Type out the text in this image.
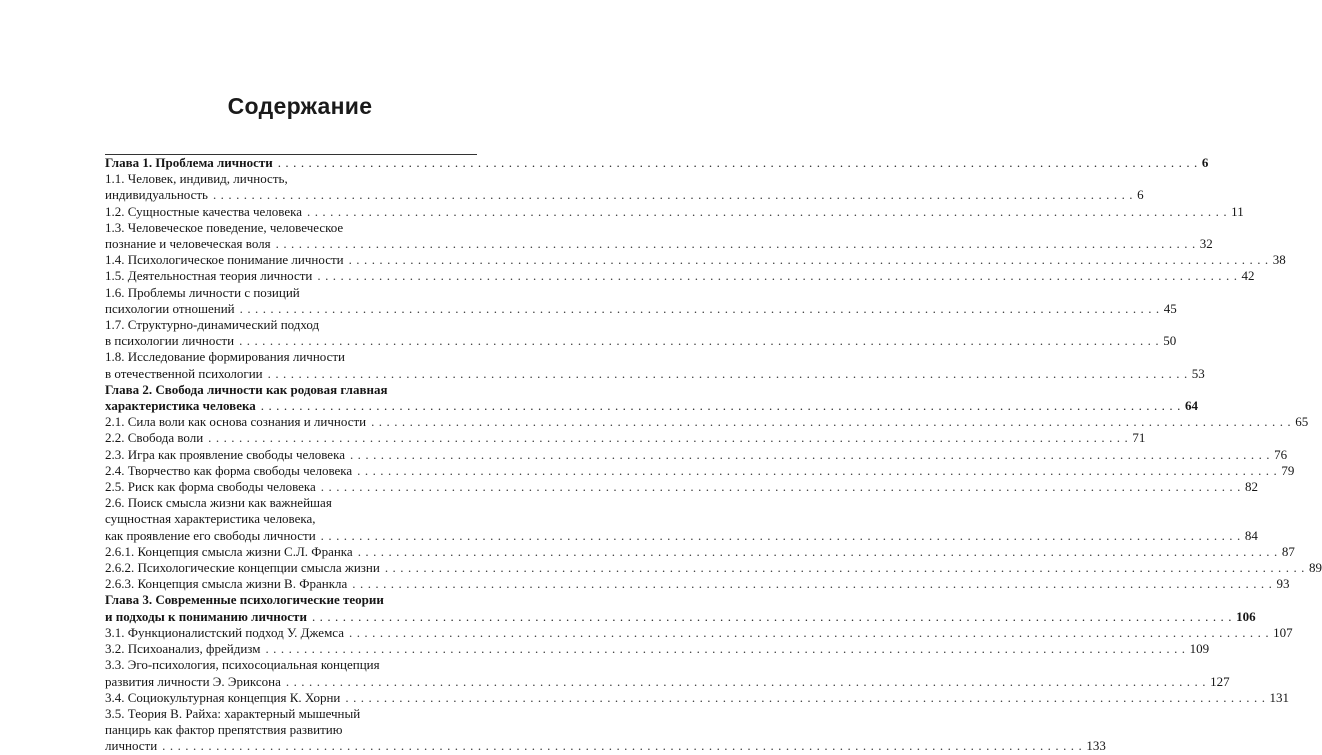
Содержание
Глава 1. Проблема личности . . . . . . . . . . . . . . . . . . . . . . . . . . . . . . . . . . . . . . . . . . . . . . . . . . . . . . . . . . . . . . . . . . . . . . . . . . . . . . . . . . . . . . . . . . . . . . . . . . . . . . . . . . . . . . . . . . . . . . . . 6
1.1. Человек, индивид, личность,
индивидуальность . . . . . . . . . . . . . . . . . . . . . . . . . . . . . . . . . . . . . . . . . . . . . . . . . . . . . . . . . . . . . . . . . . . . . . . . . . . . . . . . . . . . . . . . . . . . . . . . . . . . . . . . . . . . . . . . . . . . . . . . 6
1.2. Сущностные качества человека . . . . . . . . . . . . . . . . . . . . . . . . . . . . . . . . . . . . . . . . . . . . . . . . . . . . . . . . . . . . . . . . . . . . . . . . . . . . . . . . . . . . . . . . . . . . . . . . . . . . . . . . . . . . . . . . . . . . . . . . 11
1.3. Человеческое поведение, человеческое
познание и человеческая воля . . . . . . . . . . . . . . . . . . . . . . . . . . . . . . . . . . . . . . . . . . . . . . . . . . . . . . . . . . . . . . . . . . . . . . . . . . . . . . . . . . . . . . . . . . . . . . . . . . . . . . . . . . . . . . . . . . . . . . . . 32
1.4. Психологическое понимание личности . . . . . . . . . . . . . . . . . . . . . . . . . . . . . . . . . . . . . . . . . . . . . . . . . . . . . . . . . . . . . . . . . . . . . . . . . . . . . . . . . . . . . . . . . . . . . . . . . . . . . . . . . . . . . . . . . . . . . . . . 38
1.5. Деятельностная теория личности . . . . . . . . . . . . . . . . . . . . . . . . . . . . . . . . . . . . . . . . . . . . . . . . . . . . . . . . . . . . . . . . . . . . . . . . . . . . . . . . . . . . . . . . . . . . . . . . . . . . . . . . . . . . . . . . . . . . . . . . 42
1.6. Проблемы личности с позиций
психологии отношений . . . . . . . . . . . . . . . . . . . . . . . . . . . . . . . . . . . . . . . . . . . . . . . . . . . . . . . . . . . . . . . . . . . . . . . . . . . . . . . . . . . . . . . . . . . . . . . . . . . . . . . . . . . . . . . . . . . . . . . . 45
1.7. Структурно-динамический подход
в психологии личности . . . . . . . . . . . . . . . . . . . . . . . . . . . . . . . . . . . . . . . . . . . . . . . . . . . . . . . . . . . . . . . . . . . . . . . . . . . . . . . . . . . . . . . . . . . . . . . . . . . . . . . . . . . . . . . . . . . . . . . . 50
1.8. Исследование формирования личности
в отечественной психологии . . . . . . . . . . . . . . . . . . . . . . . . . . . . . . . . . . . . . . . . . . . . . . . . . . . . . . . . . . . . . . . . . . . . . . . . . . . . . . . . . . . . . . . . . . . . . . . . . . . . . . . . . . . . . . . . . . . . . . . . 53
Глава 2. Свобода личности как родовая главная
характеристика человека . . . . . . . . . . . . . . . . . . . . . . . . . . . . . . . . . . . . . . . . . . . . . . . . . . . . . . . . . . . . . . . . . . . . . . . . . . . . . . . . . . . . . . . . . . . . . . . . . . . . . . . . . . . . . . . . . . . . . . . . 64
2.1. Сила воли как основа сознания и личности . . . . . . . . . . . . . . . . . . . . . . . . . . . . . . . . . . . . . . . . . . . . . . . . . . . . . . . . . . . . . . . . . . . . . . . . . . . . . . . . . . . . . . . . . . . . . . . . . . . . . . . . . . . . . . . . . . . . . . . . 65
2.2. Свобода воли . . . . . . . . . . . . . . . . . . . . . . . . . . . . . . . . . . . . . . . . . . . . . . . . . . . . . . . . . . . . . . . . . . . . . . . . . . . . . . . . . . . . . . . . . . . . . . . . . . . . . . . . . . . . . . . . . . . . . . . . 71
2.3. Игра как проявление свободы человека . . . . . . . . . . . . . . . . . . . . . . . . . . . . . . . . . . . . . . . . . . . . . . . . . . . . . . . . . . . . . . . . . . . . . . . . . . . . . . . . . . . . . . . . . . . . . . . . . . . . . . . . . . . . . . . . . . . . . . . . 76
2.4. Творчество как форма свободы человека . . . . . . . . . . . . . . . . . . . . . . . . . . . . . . . . . . . . . . . . . . . . . . . . . . . . . . . . . . . . . . . . . . . . . . . . . . . . . . . . . . . . . . . . . . . . . . . . . . . . . . . . . . . . . . . . . . . . . . . . 79
2.5. Риск как форма свободы человека . . . . . . . . . . . . . . . . . . . . . . . . . . . . . . . . . . . . . . . . . . . . . . . . . . . . . . . . . . . . . . . . . . . . . . . . . . . . . . . . . . . . . . . . . . . . . . . . . . . . . . . . . . . . . . . . . . . . . . . . 82
2.6. Поиск смысла жизни как важнейшая
сущностная характеристика человека,
как проявление его свободы личности . . . . . . . . . . . . . . . . . . . . . . . . . . . . . . . . . . . . . . . . . . . . . . . . . . . . . . . . . . . . . . . . . . . . . . . . . . . . . . . . . . . . . . . . . . . . . . . . . . . . . . . . . . . . . . . . . . . . . . . . 84
2.6.1. Концепция смысла жизни С.Л. Франка . . . . . . . . . . . . . . . . . . . . . . . . . . . . . . . . . . . . . . . . . . . . . . . . . . . . . . . . . . . . . . . . . . . . . . . . . . . . . . . . . . . . . . . . . . . . . . . . . . . . . . . . . . . . . . . . . . . . . . . . 87
2.6.2. Психологические концепции смысла жизни . . . . . . . . . . . . . . . . . . . . . . . . . . . . . . . . . . . . . . . . . . . . . . . . . . . . . . . . . . . . . . . . . . . . . . . . . . . . . . . . . . . . . . . . . . . . . . . . . . . . . . . . . . . . . . . . . . . . . . . . 89
2.6.3. Концепция смысла жизни В. Франкла . . . . . . . . . . . . . . . . . . . . . . . . . . . . . . . . . . . . . . . . . . . . . . . . . . . . . . . . . . . . . . . . . . . . . . . . . . . . . . . . . . . . . . . . . . . . . . . . . . . . . . . . . . . . . . . . . . . . . . . . 93
Глава 3. Современные психологические теории
и подходы к пониманию личности . . . . . . . . . . . . . . . . . . . . . . . . . . . . . . . . . . . . . . . . . . . . . . . . . . . . . . . . . . . . . . . . . . . . . . . . . . . . . . . . . . . . . . . . . . . . . . . . . . . . . . . . . . . . . . . . . . . . . . . . 106
3.1. Функционалистский подход У. Джемса . . . . . . . . . . . . . . . . . . . . . . . . . . . . . . . . . . . . . . . . . . . . . . . . . . . . . . . . . . . . . . . . . . . . . . . . . . . . . . . . . . . . . . . . . . . . . . . . . . . . . . . . . . . . . . . . . . . . . . . . 107
3.2. Психоанализ, фрейдизм . . . . . . . . . . . . . . . . . . . . . . . . . . . . . . . . . . . . . . . . . . . . . . . . . . . . . . . . . . . . . . . . . . . . . . . . . . . . . . . . . . . . . . . . . . . . . . . . . . . . . . . . . . . . . . . . . . . . . . . . 109
3.3. Эго-психология, психосоциальная концепция
развития личности Э. Эриксона . . . . . . . . . . . . . . . . . . . . . . . . . . . . . . . . . . . . . . . . . . . . . . . . . . . . . . . . . . . . . . . . . . . . . . . . . . . . . . . . . . . . . . . . . . . . . . . . . . . . . . . . . . . . . . . . . . . . . . . . 127
3.4. Социокультурная концепция К. Хорни . . . . . . . . . . . . . . . . . . . . . . . . . . . . . . . . . . . . . . . . . . . . . . . . . . . . . . . . . . . . . . . . . . . . . . . . . . . . . . . . . . . . . . . . . . . . . . . . . . . . . . . . . . . . . . . . . . . . . . . . 131
3.5. Теория В. Райха: характерный мышечный
панцирь как фактор препятствия развитию
личности . . . . . . . . . . . . . . . . . . . . . . . . . . . . . . . . . . . . . . . . . . . . . . . . . . . . . . . . . . . . . . . . . . . . . . . . . . . . . . . . . . . . . . . . . . . . . . . . . . . . . . . . . . . . . . . . . . . . . . . . 133
